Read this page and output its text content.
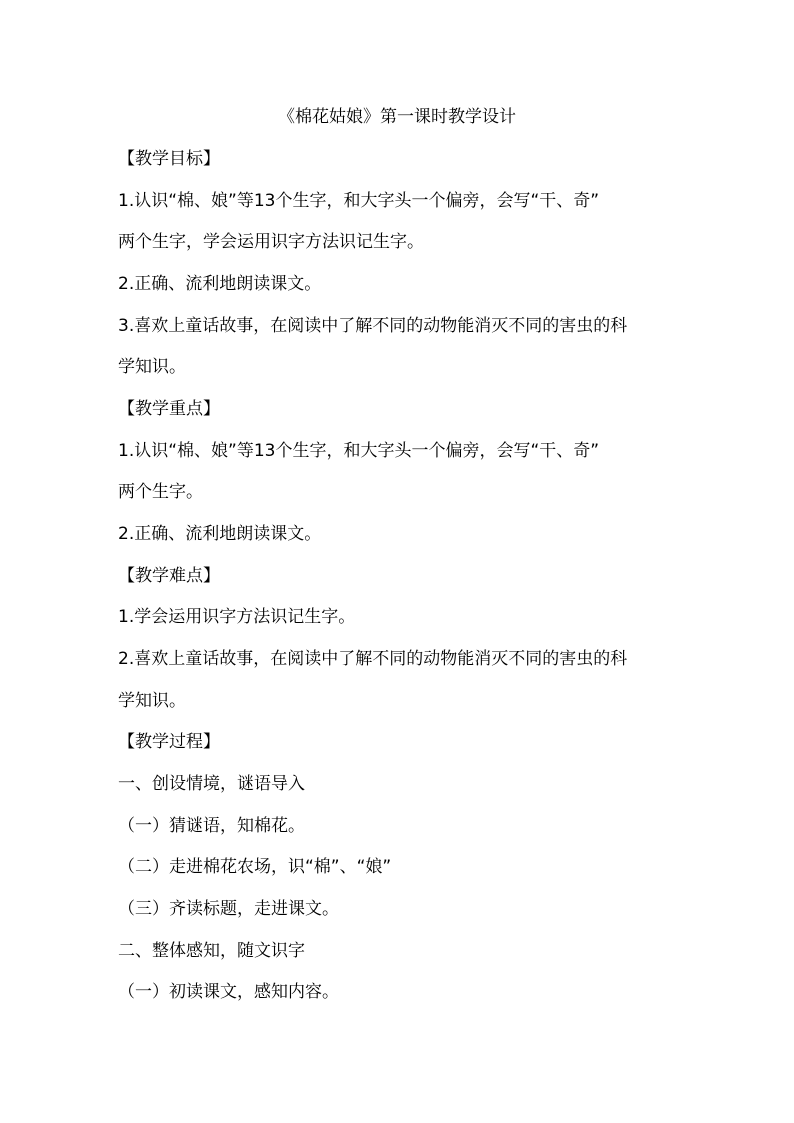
《棉花姑娘》第一课时教学设计
【教学目标】
1.认识“棉、娘”等13个生字，和大字头一个偏旁，会写“干、奇”
两个生字，学会运用识字方法识记生字。
2.正确、流利地朗读课文。
3.喜欢上童话故事，在阅读中了解不同的动物能消灭不同的害虫的科
学知识。
【教学重点】
1.认识“棉、娘”等13个生字，和大字头一个偏旁，会写“干、奇”
两个生字。
2.正确、流利地朗读课文。
【教学难点】
1.学会运用识字方法识记生字。
2.喜欢上童话故事，在阅读中了解不同的动物能消灭不同的害虫的科
学知识。
【教学过程】
一、创设情境，谜语导入
（一）猜谜语，知棉花。
（二）走进棉花农场，识“棉”、“娘”
（三）齐读标题，走进课文。
二、整体感知，随文识字
（一）初读课文，感知内容。
